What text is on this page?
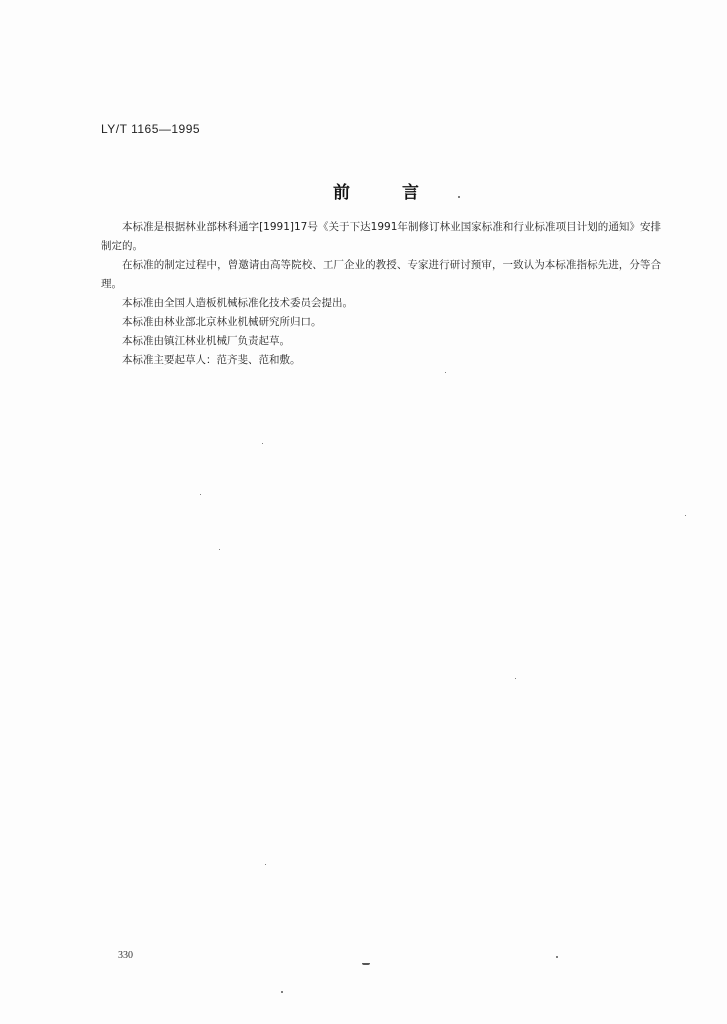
LY/T 1165—1995
前	言

本标准是根据林业部林科通字[1991]17号《关于下达1991年制修订林业国家标准和行业标准项目计划的通知》安排制定的。

在标准的制定过程中，曾邀请由高等院校、工厂企业的教授、专家进行研讨预审，一致认为本标准指标先进，分等合理。

本标准由全国人造板机械标准化技术委员会提出。

本标准由林业部北京林业机械研究所归口。

本标准由镇江林业机械厂负责起草。

本标准主要起草人：范齐斐、范和敷。

330
